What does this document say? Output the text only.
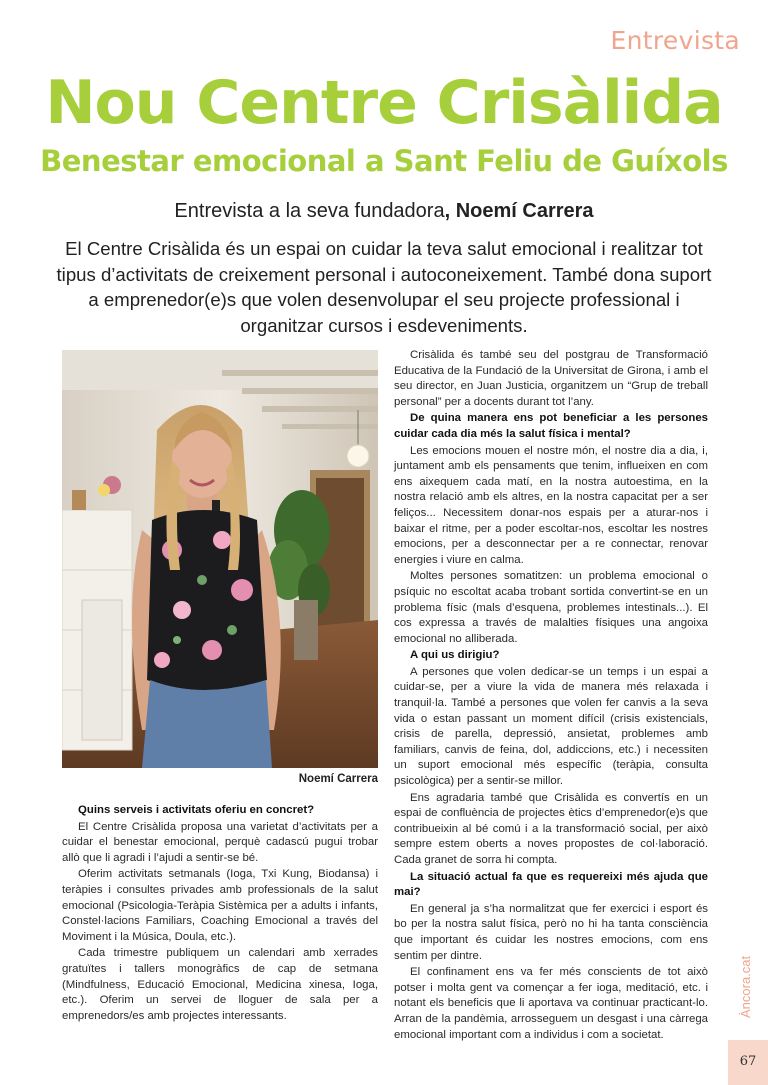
Entrevista
Nou Centre Crisàlida
Benestar emocional a Sant Feliu de Guíxols
Entrevista a la seva fundadora, Noemí Carrera
El Centre Crisàlida és un espai on cuidar la teva salut emocional i realitzar tot tipus d’activitats de creixement personal i autoconeixement. També dona suport a emprenedor(e)s que volen desenvolupar el seu projecte professional i organitzar cursos i esdeveniments.
Noemí Carrera

Quins serveis i activitats oferiu en concret?

El Centre Crisàlida proposa una varietat d’activitats per a cuidar el benestar emocional, perquè cadascú pugui trobar allò que li agradi i l’ajudi a sentir-se bé.

Oferim activitats setmanals (Ioga, Txi Kung, Biodansa) i teràpies i consultes privades amb professionals de la salut emocional (Psicologia-Teràpia Sistèmica per a adults i infants, Constel·lacions Familiars, Coaching Emocional a través del Moviment i la Música, Doula, etc.).

Cada trimestre publiquem un calendari amb xerrades gratuïtes i tallers monogràfics de cap de setmana (Mindfulness, Educació Emocional, Medicina xinesa, Ioga, etc.). Oferim un servei de lloguer de sala per a emprenedors/es amb projectes interessants.

Crisàlida és també seu del postgrau de Transformació Educativa de la Fundació de la Universitat de Girona, i amb el seu director, en Juan Justicia, organitzem un “Grup de treball personal” per a docents durant tot l’any.

De quina manera ens pot beneficiar a les persones cuidar cada dia més la salut física i mental?

Les emocions mouen el nostre món, el nostre dia a dia, i, juntament amb els pensaments que tenim, influeixen en com ens aixequem cada matí, en la nostra autoestima, en la nostra relació amb els altres, en la nostra capacitat per a ser feliços... Necessitem donar-nos espais per a aturar-nos i baixar el ritme, per a poder escoltar-nos, escoltar les nostres emocions, per a desconnectar per a re connectar, renovar energies i viure en calma.

Moltes persones somatitzen: un problema emocional o psíquic no escoltat acaba trobant sortida convertint-se en un problema físic (mals d’esquena, problemes intestinals...). El cos expressa a través de malalties físiques una angoixa emocional no alliberada.

A qui us dirigiu?

A persones que volen dedicar-se un temps i un espai a cuidar-se, per a viure la vida de manera més relaxada i tranquil·la. També a persones que volen fer canvis a la seva vida o estan passant un moment difícil (crisis existencials, crisis de parella, depressió, ansietat, problemes amb familiars, canvis de feina, dol, addiccions, etc.) i necessiten un suport emocional més específic (teràpia, consulta psicològica) per a sentir-se millor.

Ens agradaria també que Crisàlida es convertís en un espai de confluència de projectes ètics d’emprenedor(e)s que contribueixin al bé comú i a la transformació social, per això sempre estem oberts a noves propostes de col·laboració. Cada granet de sorra hi compta.

La situació actual fa que es requereixi més ajuda que mai?

En general ja s’ha normalitzat que fer exercici i esport és bo per la nostra salut física, però no hi ha tanta consciència que important és cuidar les nostres emocions, com ens sentim per dintre.

El confinament ens va fer més conscients de tot això potser i molta gent va començar a fer ioga, meditació, etc. i notant els beneficis que li aportava va continuar practicant-lo. Arran de la pandèmia, arrosseguem un desgast i una càrrega emocional important com a individus i com a societat.

Àncora.cat
67
